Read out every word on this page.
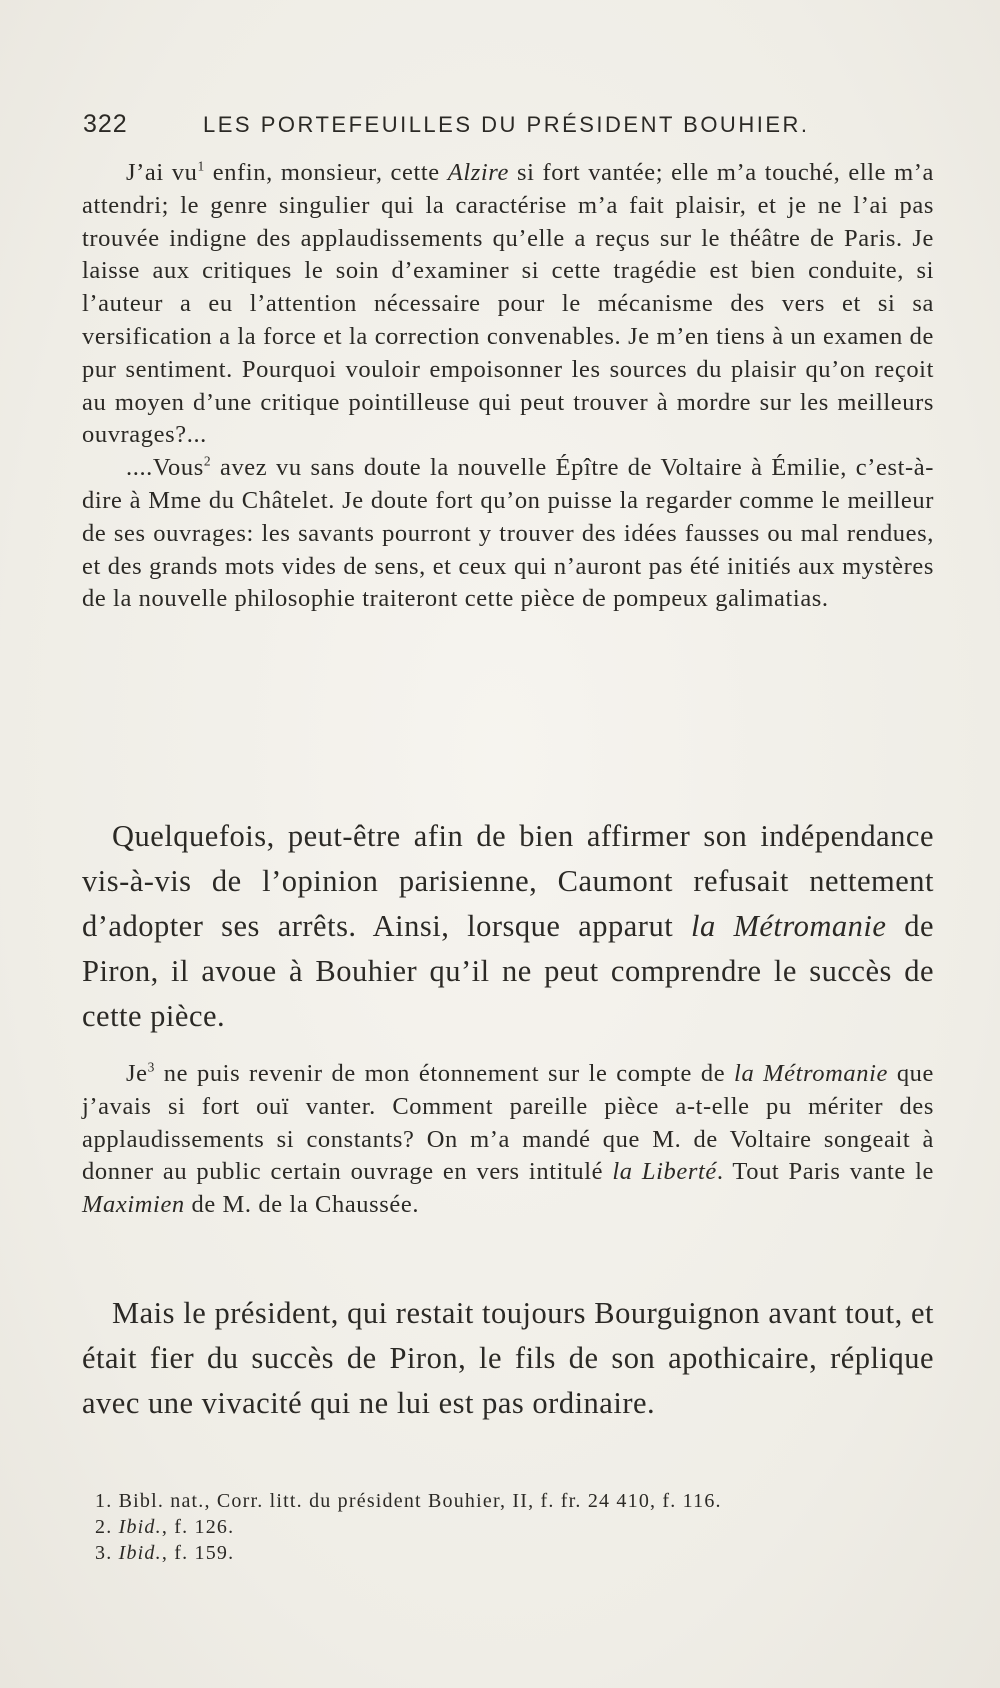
322	LES PORTEFEUILLES DU PRÉSIDENT BOUHIER.

J’ai $vu^1$ enfin, monsieur, cette Alzire si fort vantée; elle m’a touché, elle m’a attendri; le genre singulier qui la caractérise m’a fait plaisir, et je ne l’ai pas trouvée indigne des applaudissements qu’elle a reçus sur le théâtre de Paris. Je laisse aux critiques le soin d’examiner si cette tragédie est bien conduite, si l’auteur a eu l’attention nécessaire pour le mécanisme des vers et si sa versification a la force et la correction convenables. Je m’en tiens à un examen de pur sentiment. Pourquoi vouloir empoisonner les sources du plaisir qu’on reçoit au moyen d’une critique pointilleuse qui peut trouver à mordre sur les meilleurs ouvrages?...

....Vous$^2$ avez vu sans doute la nouvelle Épître de Voltaire à Émilie, c’est-à-dire à Mme du Châtelet. Je doute fort qu’on puisse la regarder comme le meilleur de ses ouvrages: les savants pourront y trouver des idées fausses ou mal rendues, et des grands mots vides de sens, et ceux qui n’auront pas été initiés aux mystères de la nouvelle philosophie traiteront cette pièce de pompeux galimatias.

Quelquefois, peut-être afin de bien affirmer son indépendance vis-à-vis de l’opinion parisienne, Caumont refusait nettement d’adopter ses arrêts. Ainsi, lorsque apparut la Métromanie de Piron, il avoue à Bouhier qu’il ne peut comprendre le succès de cette pièce.

Je$^3$ ne puis revenir de mon étonnement sur le compte de la Métromanie que j’avais si fort ouï vanter. Comment pareille pièce a-t-elle pu mériter des applaudissements si constants? On m’a mandé que M. de Voltaire songeait à donner au public certain ouvrage en vers intitulé la Liberté. Tout Paris vante le Maximien de M. de la Chaussée.

Mais le président, qui restait toujours Bourguignon avant tout, et était fier du succès de Piron, le fils de son apothicaire, réplique avec une vivacité qui ne lui est pas ordinaire.

1. Bibl. nat., Corr. litt. du président Bouhier, II, f. fr. 24 410, f. 116.
2. Ibid., f. 126.
3. Ibid., f. 159.
